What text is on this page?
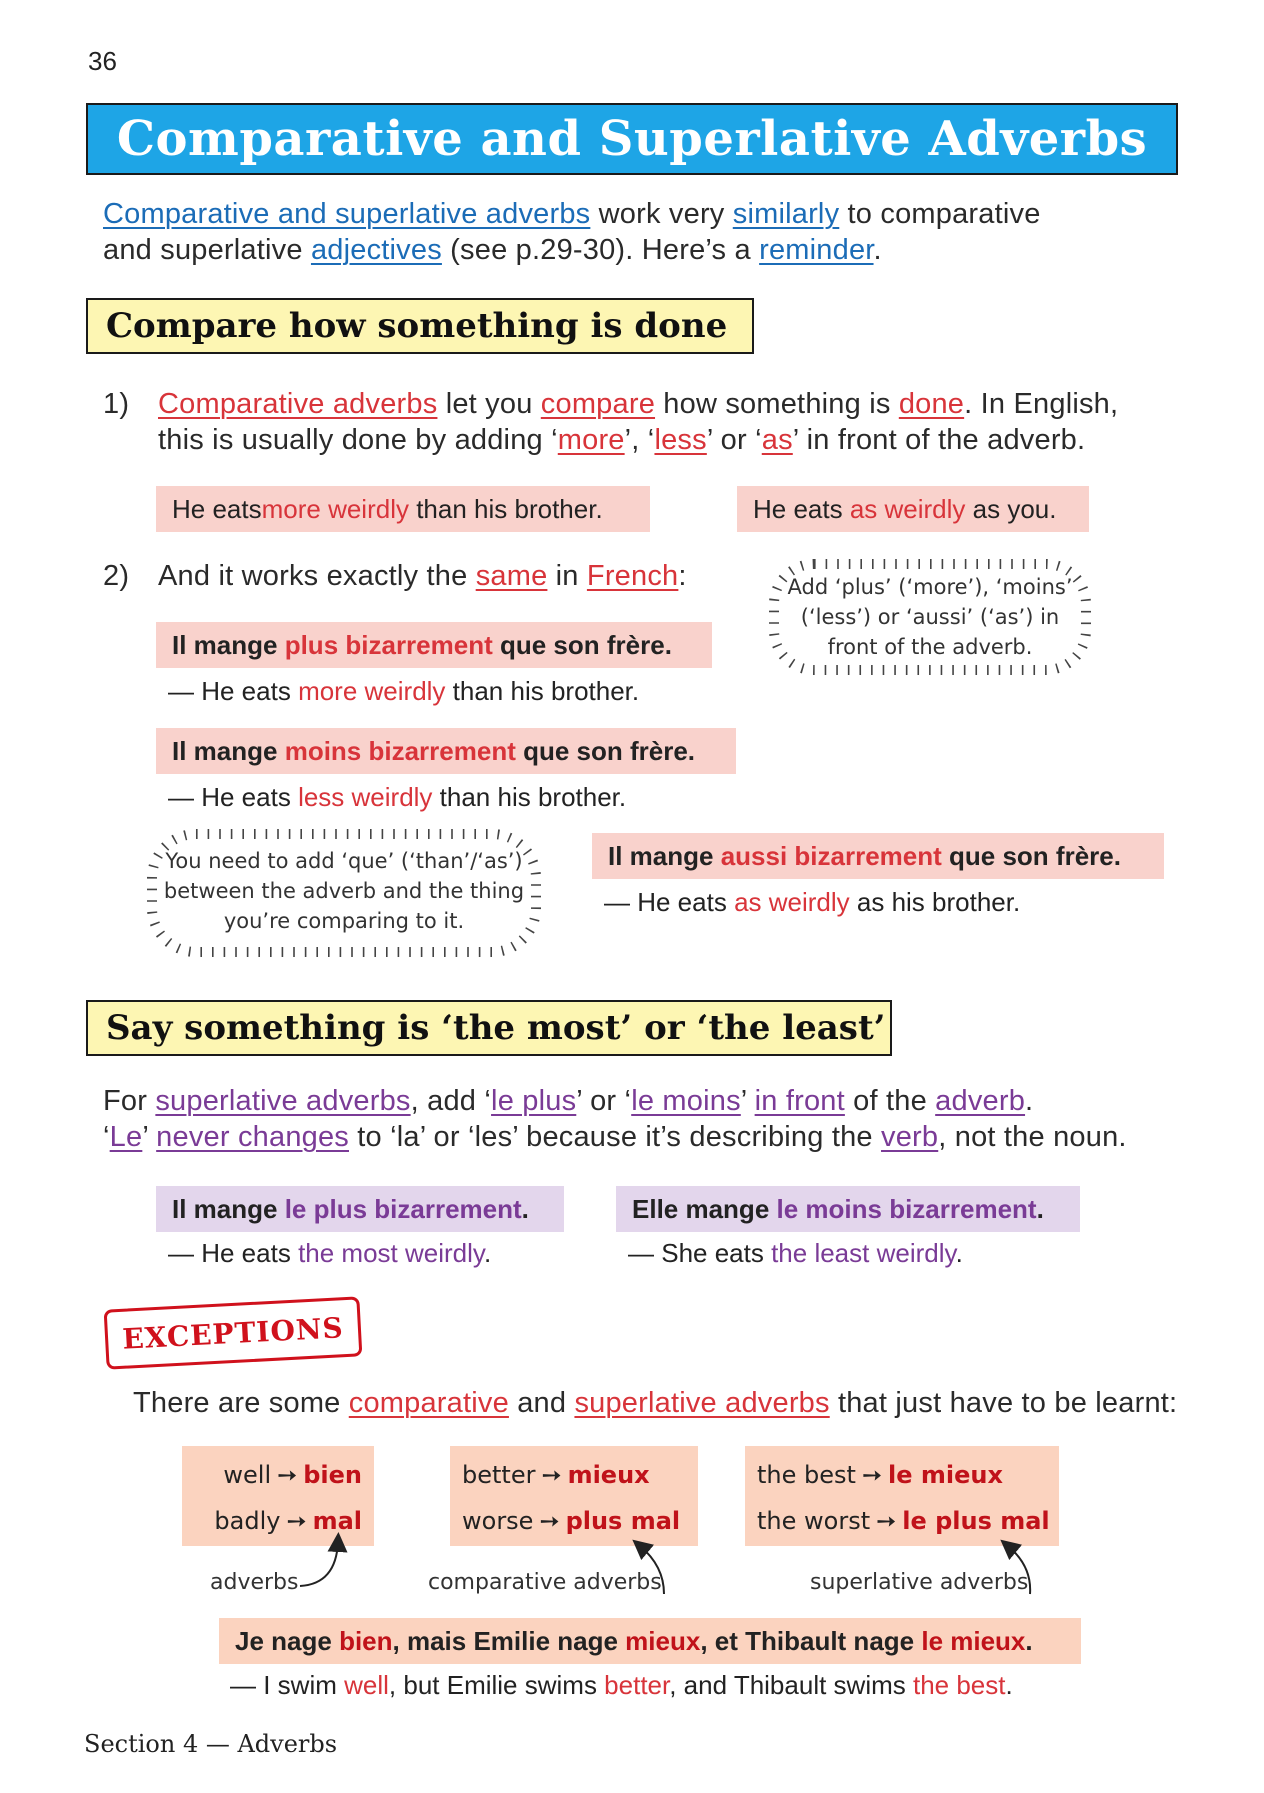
36
Comparative and Superlative Adverbs
Comparative and superlative adverbs work very similarly to comparative
and superlative adjectives (see p.29-30). Here’s a reminder.
Compare how something is done
1) Comparative adverbs let you compare how something is done. In English,
this is usually done by adding ‘more’, ‘less’ or ‘as’ in front of the adverb.
He eats more weirdly than his brother.	He eats as weirdly as you.
2) And it works exactly the same in French:	Add ‘plus’ (‘more’), ‘moins’
(‘less’) or ‘aussi’ (‘as’) in
front of the adverb.
Il mange plus bizarrement que son frère.
— He eats more weirdly than his brother.
Il mange moins bizarrement que son frère.
— He eats less weirdly than his brother.
You need to add ‘que’ (‘than’/‘as’)
between the adverb and the thing
you’re comparing to it.
Il mange aussi bizarrement que son frère.
— He eats as weirdly as his brother.
Say something is ‘the most’ or ‘the least’
For superlative adverbs, add ‘le plus’ or ‘le moins’ in front of the adverb.
‘Le’ never changes to ‘la’ or ‘les’ because it’s describing the verb, not the noun.
Il mange le plus bizarrement .
— He eats the most weirdly.
Elle mange le moins bizarrement .
— She eats the least weirdly.
EXCEPTIONS
There are some comparative and superlative adverbs that just have to be learnt:
well ➙ bien
badly ➙ mal
better ➙ mieux
worse ➙ plus mal
the best ➙ le mieux
the worst ➙ le plus mal
adverbs	comparative adverbs	superlative adverbs
Je nage bien , mais Emilie nage mieux , et Thibault nage le mieux .
— I swim well, but Emilie swims better, and Thibault swims the best.
Section 4 — Adverbs
